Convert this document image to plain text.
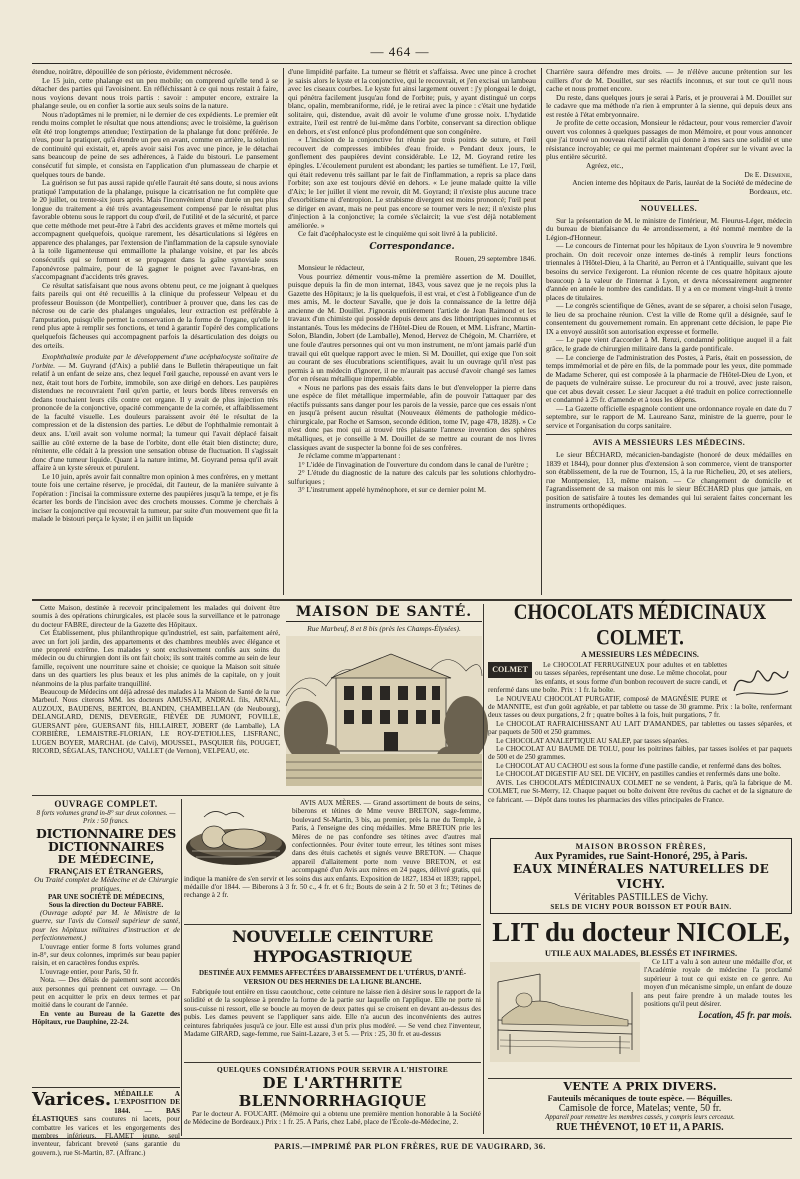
— 464 —

étendue, noirâtre, dépouillée de son périoste, évidemment nécrosée.

Le 15 juin, cette phalange est un peu mobile; on comprend qu'elle tend à se détacher des parties qui l'avoisinent. En réfléchissant à ce qui nous restait à faire, nous voyions devant nous trois partis : savoir : amputer encore, extraire la phalange seule, ou en confier la sortie aux seuls soins de la nature.

Nous n'adoptâmes ni le premier, ni le dernier de ces expédients. Le premier eût rendu moins complet le résultat que nous attendions; avec le troisième, la guérison eût été trop longtemps attendue; l'extirpation de la phalange fut donc préférée. Je n'eus, pour la pratiquer, qu'à étendre un peu en avant, comme en arrière, la solution de continuité qui existait, et, après avoir saisi l'os avec une pince, je le détachai sans beaucoup de peine de ses adhérences, à l'aide du bistouri. Le pansement consécutif fut simple, et consista en l'application d'un plumasseau de charpie et quelques tours de bande.

La guérison se fut pas aussi rapide qu'elle l'aurait été sans doute, si nous avions pratiqué l'amputation de la phalange, puisque la cicatrisation ne fut complète que le 20 juillet, ou trente-six jours après. Mais l'inconvénient d'une durée un peu plus longue du traitement a été très avantageusement compensé par le résultat plus favorable obtenu sous le rapport du coup d'œil, de l'utilité et de la sécurité, et parce que cette méthode met peut-être à l'abri des accidents graves et même mortels qui accompagnent quelquefois, quoique rarement, les désarticulations si légères en apparence des phalanges, par l'extension de l'inflammation de la capsule synoviale à la toile ligamenteuse qui emmaillotte la phalange voisine, et par les abcès consécutifs qui se forment et se propagent dans la gaîne synoviale sous l'aponévrose palmaire, pour de là gagner le poignet avec l'avant-bras, en s'accompagnant d'accidents très graves.

Ce résultat satisfaisant que nous avons obtenu peut, ce me joignant à quelques faits pareils qui ont été recueillis à la clinique du professeur Velpeau et du professeur Bouisson (de Montpellier), contribuer à prouver que, dans les cas de nécrose ou de carie des phalanges unguéales, leur extraction est préférable à l'amputation, puisqu'elle permet la conservation de la forme de l'organe, qu'elle le rend plus apte à remplir ses fonctions, et tend à garantir l'opéré des complications quelquefois fâcheuses qui accompagnent parfois la désarticulation des doigts ou des orteils.

Exophthalmie produite par le développement d'une acéphalocyste solitaire de l'orbite. — M. Guyrand (d'Aix) a publié dans le Bulletin thérapeutique un fait relatif à un enfant de seize ans, chez lequel l'œil gauche, repoussé en avant vers le nez, était tout hors de l'orbite, immobile, son axe dirigé en dehors. Les paupières distendues ne recouvraient l'œil qu'en partie, et leurs bords libres renversés en dedans touchaient leurs cils contre cet organe. Il y avait de plus injection très prononcée de la conjonctive, opacité commençante de la cornée, et affaiblissement de la faculté visuelle. Les douleurs paraissent avoir été le résultat de la compression et de la distension des parties. Le début de l'ophthalmie remontait à deux ans. L'œil avait son volume normal; la tumeur qui l'avait déplacé faisait saillie au côté externe de la base de l'orbite, dont elle était bien distincte; dure, rénitente, elle cédait à la pression une sensation obtuse de fluctuation. Il s'agissait donc d'une tumeur liquide. Quant à la nature intime, M. Goyrand pensa qu'il avait affaire à un kyste séreux et purulent.

Le 10 juin, après avoir fait connaître mon opinion à mes confrères, en y mettant toute fois une certaine réserve, je procédai, dit l'auteur, de la manière suivante à l'opération : j'incisai la commissure externe des paupières jusqu'à la tempe, et je fis écarter les bords de l'incision avec des crochets mousses. Comme je cherchais à inciser la conjonctive qui recouvrait la tumeur, par suite d'un mouvement que fit la malade le bistouri perça le kyste; il en jaillit un liquide

d'une limpidité parfaite. La tumeur se flétrit et s'affaissa. Avec une pince à crochet je saisis alors le kyste et la conjonctive, qui le recouvrait, et j'en excisai un lambeau avec les ciseaux courbes. Le kyste fut ainsi largement ouvert : j'y plongeai le doigt, qui pénétra facilement jusqu'au fond de l'orbite; puis, y ayant distingué un corps blanc, opalin, membraniforme, ridé, je le retirai avec la pince : c'était une hydatide solitaire, qui, distendue, avait dû avoir le volume d'une grosse noix. L'hydatide extraite, l'œil est rentré de lui-même dans l'orbite, conservant sa direction oblique en dehors, et s'est enfoncé plus profondément que son congénère.

« L'incision de la conjonctive fut réunie par trois points de suture, et l'œil recouvert de compresses imbibées d'eau froide. » Pendant deux jours, le gonflement des paupières devint considérable. Le 12, M. Goyrand retire les épingles. L'écoulement purulent est abondant; les parties se tuméfient. Le 17, l'œil, qui était redevenu très saillant par le fait de l'inflammation, a repris sa place dans l'orbite; son axe est toujours dévié en dehors. « Le jeune malade quitte la ville d'Aix; le 1er juillet il vient me revoir, dit M. Goyrand; il n'existe plus aucune trace d'exorbitisme ni d'entropion. Le strabisme divergent est moins prononcé; l'œil peut se diriger en avant, mais ne peut pas encore se tourner vers le nez; il n'existe plus d'injection à la conjonctive; la cornée s'éclaircit; la vue s'est déjà notablement améliorée. »

Ce fait d'acéphalocyste est le cinquième qui soit livré à la publicité.

Correspondance.

Rouen, 29 septembre 1846.

Monsieur le rédacteur,

Vous pourriez démentir vous-même la première assertion de M. Douillet, puisque depuis la fin de mon internat, 1843, vous savez que je ne reçois plus la Gazette des Hôpitaux; je la lis quelquefois, il est vrai, et c'est à l'obligeance d'un de mes amis, M. le docteur Savalle, que je dois la connaissance de la lettre déjà ancienne de M. Douillet. J'ignorais entièrement l'article de Jean Raimond et les travaux d'un chimiste qui possède depuis deux ans des lithontriptiques inconnus et instantanés. Tous les médecins de l'Hôtel-Dieu de Rouen, et MM. Lisfranc, Martin-Solon, Blandin, Jobert (de Lamballe), Menod, Hervez de Chégoin, M. Charrière, et une foule d'autres personnes qui ont vu mon instrument, ne m'ont jamais parlé d'un travail qui eût quelque rapport avec le mien. Si M. Douillet, qui exige que l'on soit au courant de ses élucubrations scientifiques, avait lu un ouvrage qu'il n'est pas permis à un médecin d'ignorer, il ne m'aurait pas accusé d'avoir changé ses lames d'or en réseau métallique imperméable.

« Nous ne parlons pas des essais faits dans le but d'envelopper la pierre dans une espèce de filet métallique imperméable, afin de pouvoir l'attaquer par des réactifs puissants sans danger pour les parois de la vessie, parce que ces essais n'ont en jusqu'à présent aucun résultat (Nouveaux éléments de pathologie médico-chirurgicale, par Roche et Samson, seconde édition, tome IV, page 478, 1828). » Ce n'est donc pas moi qui ai trouvé très plaisante l'annexe invention des sphères métalliques, et je conseille à M. Douillet de se mettre au courant de nos livres classiques avant de suspecter la bonne foi de ses confrères.

Je réclame comme m'appartenant :

1° L'idée de l'invagination de l'ouverture du condom dans le canal de l'urètre ;

2° L'étude du diagnostic de la nature des calculs par les solutions chlorhydro-sulfuriques ;

3° L'instrument appelé hyménophore, et sur ce dernier point M.

Charrière saura défendre mes droits. — Je n'élève aucune prétention sur les cuillers d'or de M. Douillet, sur ses réactifs inconnus, et sur tout ce qu'il nous cache et nous promet encore.

Du reste, dans quelques jours je serai à Paris, et je prouverai à M. Douillet sur le cadavre que ma méthode n'a rien à emprunter à la sienne, qui depuis deux ans est restée à l'état embryonnaire.

Je profite de cette occasion, Monsieur le rédacteur, pour vous remercier d'avoir ouvert vos colonnes à quelques passages de mon Mémoire, et pour vous annoncer que j'ai trouvé un nouveau réactif alcalin qui donne à mes sacs une solidité et une résistance incroyable; ce qui me permet maintenant d'opérer sur le vivant avec la plus entière sécurité.

Agréez, etc.,

Dr E. Desmenie,

Ancien interne des hôpitaux de Paris, lauréat de la Société de médecine de Bordeaux, etc.

NOUVELLES.

Sur la présentation de M. le ministre de l'intérieur, M. Fleurus-Léger, médecin du bureau de bienfaisance du 4e arrondissement, a été nommé membre de la Légion-d'Honneur.

— Le concours de l'internat pour les hôpitaux de Lyon s'ouvrira le 9 novembre prochain. On doit recevoir onze internes de-tinés à remplir leurs fonctions triennales à l'Hôtel-Dieu, à la Charité, au Perron et à l'Antiquaille, suivant que les besoins du service l'exigeront. La réunion récente de ces quatre hôpitaux ajoute beaucoup à la valeur de l'internat à Lyon, et devra nécessairement augmenter d'année en année le nombre des candidats. Il y a en ce moment vingt-huit à trente places de titulaires.

— Le congrès scientifique de Gênes, avant de se séparer, a choisi selon l'usage, le lieu de sa prochaine réunion. C'est la ville de Rome qu'il a désignée, sauf le consentement du gouvernement romain. En apprenant cette décision, le pape Pie IX a envoyé aussitôt son autorisation expresse et formelle.

— Le pape vient d'accorder à M. Renzi, condamné politique auquel il a fait grâce, le grade de chirurgien militaire dans la garde pontificale.

— Le concierge de l'administration des Postes, à Paris, était en possession, de temps immémorial et de père en fils, de la pommade pour les yeux, dite pommade de Madame Scherer, qui est composée à la pharmacie de l'Hôtel-Dieu de Lyon, et de paquets de vulnéraire suisse. Le procureur du roi a trouvé, avec juste raison, que cet abus devait cesser. Le sieur Jacquet a été traduit en police correctionnelle et condamné à 25 fr. d'amende et à tous les dépens.

— La Gazette officielle espagnole contient une ordonnance royale en date du 7 septembre, sur le rapport de M. Laureano Sanz, ministre de la guerre, pour le service et l'organisation du corps sanitaire.

AVIS A MESSIEURS LES MÉDECINS.

Le sieur BÉCHARD, mécanicien-bandagiste (honoré de deux médailles en 1839 et 1844), pour donner plus d'extension à son commerce, vient de transporter son établissement, de la rue de Tournon, 15, à la rue Richelieu, 20, et ses ateliers, rue Montpensier, 13, même maison. — Ce changement de domicile et l'agrandissement de sa maison ont mis le sieur BÉCHARD plus que jamais, en position de satisfaire à toutes les demandes qui lui seraient faites concernant les instruments orthopédiques.

Cette Maison, destinée à recevoir principalement les malades qui doivent être soumis à des opérations chirurgicales, est placée sous la surveillance et le patronage du docteur FABRE, directeur de la Gazette des Hôpitaux.

Cet Établissement, plus philanthropique qu'industriel, est sain, parfaitement aéré, avec un fort joli jardin, des appartements et des chambres meublés avec élégance et une propreté extrême. Les malades y sont exclusivement confiés aux soins du médecin ou du chirurgien dont ils ont fait choix; ils sont traités comme au sein de leur famille, reçoivent une nourriture saine et choisie; ce quoique la Maison soit située dans un des quartiers les plus beaux et les plus animés de la capitale, on y jouit néanmoins de la plus parfaite tranquillité.

Beaucoup de Médecins ont déjà adressé des malades à la Maison de Santé de la rue Marbeuf. Nous citerons MM. les docteurs AMUSSAT, ANDRAL fils, ARNAL, AUZOUX, BAUDENS, BERTON, BLANDIN, CHAMBELLAN (de Neubourg), DELANGLARD, DENIS, DEVERGIE, FIÈVÉE DE JUMONT, FOVILLE, GUERSANT père, GUERSANT fils, HILLAIRET, JOBERT (de Lamballe), LA CORBIÈRE, LEMAISTRE-FLORIAN, LE ROY-D'ETIOLLES, LISFRANC, LUGEN BOYER, MARCHAL (de Calvi), MOUSSEL, PASQUIER fils, POUGET, RICORD, SÉGALAS, TANCHOU, VALLET (de Vernon), VELPEAU, etc.

MAISON DE SANTÉ.
Rue Marbeuf, 8 et 8 bis (près les Champs-Élysées).
CHOCOLATS MÉDICINAUX COLMET.
A MESSIEURS LES MÉDECINS.
COLMET	Le CHOCOLAT FERRUGINEUX pour adultes et en tablettes ou tasses séparées, représentant une dose. Le même chocolat, pour les enfants, et sous forme d'un bonbon recouvert de sucre candi, et renfermé dans une boîte. Prix : 1 fr. la boîte.

Le NOUVEAU CHOCOLAT PURGATIF, composé de MAGNÉSIE PURE et de MANNITE, est d'un goût agréable, et par tablette ou tasse de 30 gramme. Prix : la boîte, renfermant deux tasses ou deux purgations, 2 fr ; quatre boîtes à la fois, huit purgations, 7 fr.

Le CHOCOLAT RAFRAICHISSANT AU LAIT D'AMANDES, par tablettes ou tasses séparées, et par paquets de 500 et 250 grammes.

Le CHOCOLAT ANALEPTIQUE AU SALEP, par tasses séparées.

Le CHOCOLAT AU BAUME DE TOLU, pour les poitrines faibles, par tasses isolées et par paquets de 500 et de 250 grammes.

Le CHOCOLAT AU CACHOU est sous la forme d'une pastille candie, et renfermé dans des boîtes.

Le CHOCOLAT DIGESTIF AU SEL DE VICHY, en pastilles candies et renfermés dans une boîte.

AVIS. Les CHOCOLATS MÉDICINAUX COLMET ne se vendent, à Paris, qu'à la fabrique de M. COLMET, rue St-Merry, 12. Chaque paquet ou boîte doivent être revêtus du cachet et de la signature de ce fabricant. — Dépôt dans toutes les pharmacies des villes principales de France.

OUVRAGE COMPLET.
8 forts volumes grand in-8° sur deux colonnes. — Prix : 50 francs.
DICTIONNAIRE DES DICTIONNAIRES
DE MÉDECINE,
FRANÇAIS ET ÉTRANGERS,
Ou Traité complet de Médecine et de Chirurgie pratiques,
PAR UNE SOCIÉTÉ DE MÉDECINS,
Sous la direction du Docteur FABRE.

(Ouvrage adopté par M. le Ministre de la guerre, sur l'avis du Conseil supérieur de santé, pour les hôpitaux militaires d'instruction et de perfectionnement.)

L'ouvrage entier forme 8 forts volumes grand in-8°, sur deux colonnes, imprimés sur beau papier raisin, et en caractères fondus exprès.

L'ouvrage entier, pour Paris, 50 fr.

Nota. — Des délais de paiement sont accordés aux personnes qui prennent cet ouvrage. — On peut en acquitter le prix en deux termes et par moitié dans le courant de l'année.

En vente au Bureau de la Gazette des Hôpitaux, rue Dauphine, 22-24.

Varices. MÉDAILLE A L'EXPOSITION DE 1844. — BAS ÉLASTIQUES sans coutures ni lacets, pour combattre les varices et les engorgements des membres inférieurs. FLAMET jeune, seul inventeur, fabricant breveté (sans garantie du gouvern.), rue St-Martin, 87. (Affranc.)

AVIS AUX MÈRES. — Grand assortiment de bouts de seins, biberons et tétines de Mme veuve BRETON, sage-femme, boulevard St-Martin, 3 bis, au premier, près la rue du Temple, à Paris, à l'enseigne des cinq médailles. Mme BRETON prie les Mères de ne pas confondre ses tétines avec d'autres mal confectionnées. Pour éviter toute erreur, les tétines sont mises dans des étuis cachetés et signés veuve BRETON. — Chaque appareil d'allaitement porte nom veuve BRETON, et est accompagné d'un Avis aux mères en 24 pages, délivré gratis, qui indique la manière de s'en servir et les soins dus aux enfants. Exposition de 1827, 1834 et 1839; rappel, médaille d'or 1844. — Biberons à 3 fr. 50 c., 4 fr. et 6 fr.; Bouts de sein à 2 fr. 50 et 3 fr.; Tétines de rechange à 2 fr.

NOUVELLE CEINTURE HYPOGASTRIQUE
DESTINÉE AUX FEMMES AFFECTÉES D'ABAISSEMENT DE L'UTÉRUS, D'ANTÉ-VERSION OU DES HERNIES DE LA LIGNE BLANCHE.

Fabriquée tout entière en tissu caoutchouc, cette ceinture ne laisse rien à désirer sous le rapport de la solidité et de la souplesse à prendre la forme de la partie sur laquelle on l'applique. Elle ne porte ni sous-cuisse ni ressort, elle se boucle au moyen de deux pattes qui se croisent en devant au-dessus des pubis. Les dames peuvent se l'appliquer sans aide. Elle n'a aucun des inconvénients des autres ceintures fabriquées jusqu'à ce jour. Elle est aussi d'un prix plus modéré. — Se vend chez l'inventeur, Madame GIRARD, sage-femme, rue Saint-Lazare, 3 et 5. — Prix : 25, 30 fr. et au-dessus

QUELQUES CONSIDÉRATIONS POUR SERVIR A L'HISTOIRE
DE L'ARTHRITE BLENNORRHAGIQUE

Par le docteur A. FOUCART. (Mémoire qui a obtenu une première mention honorable à la Société de Médecine de Bordeaux.) Prix : 1 fr. 25. A Paris, chez Labé, place de l'École-de-Médecine, 2.

MAISON BROSSON FRÈRES,
Aux Pyramides, rue Saint-Honoré, 295, à Paris.
EAUX MINÉRALES NATURELLES DE VICHY.
Véritables PASTILLES de Vichy.
SELS DE VICHY POUR BOISSON ET POUR BAIN.
LIT du docteur NICOLE,
UTILE AUX MALADES, BLESSÉS ET INFIRMES.

Ce LIT a valu à son auteur une médaille d'or, et l'Académie royale de médecine l'a proclamé supérieur à tout ce qui existe en ce genre. Au moyen d'un mécanisme simple, un enfant de douze ans peut faire prendre à un malade toutes les positions qu'il peut désirer.

Location, 45 fr. par mois.
VENTE A PRIX DIVERS.
Fauteuils mécaniques de toute espèce. — Béquilles.
Camisole de force, Matelas; vente, 50 fr.
Appareil pour remettre les membres cassés, y compris leurs cerceaux.
RUE THÉVENOT, 10 ET 11, A PARIS.
PARIS.—IMPRIMÉ PAR PLON FRÈRES, RUE DE VAUGIRARD, 36.
